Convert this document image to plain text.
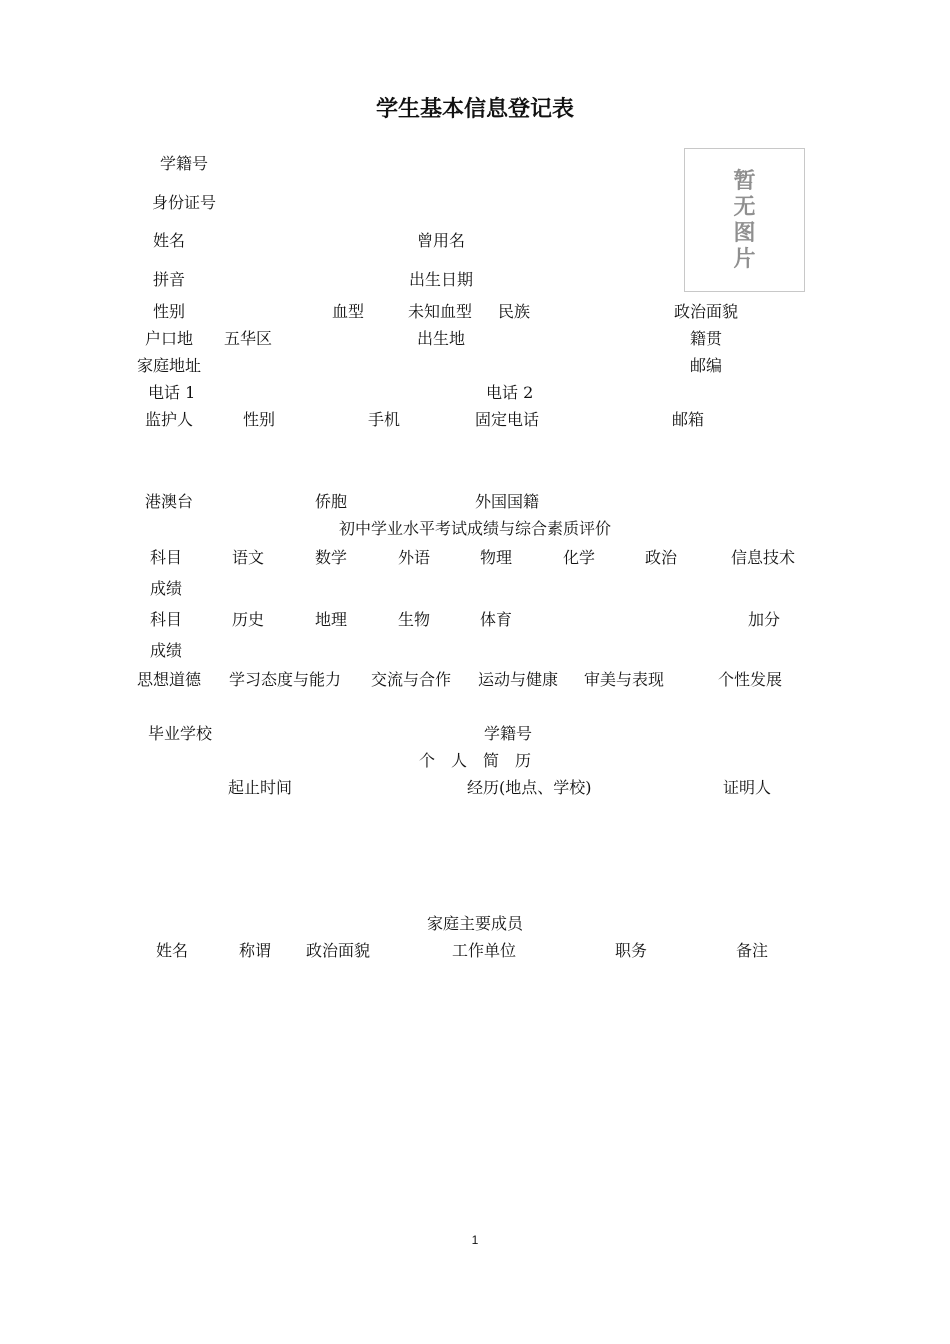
学生基本信息登记表
暂
无
图
片
学籍号
身份证号
姓名	曾用名
拼音	出生日期
性别	血型	未知血型 民族	政治面貌
户口地 五华区	出生地	籍贯
家庭地址	邮编
电话 1	电话 2
监护人	性别	手机	固定电话	邮箱
港澳台	侨胞	外国国籍
初中学业水平考试成绩与综合素质评价
科目	语文	数学	外语	物理	化学	政治	信息技术
成绩
科目	历史	地理	生物	体育	加分
成绩
思想道德 学习态度与能力 交流与合作 运动与健康 审美与表现	个性发展
毕业学校	学籍号
个　人　简　历
起止时间	经历(地点、学校)	证明人
家庭主要成员
姓名	称谓 政治面貌	工作单位	职务	备注
1
